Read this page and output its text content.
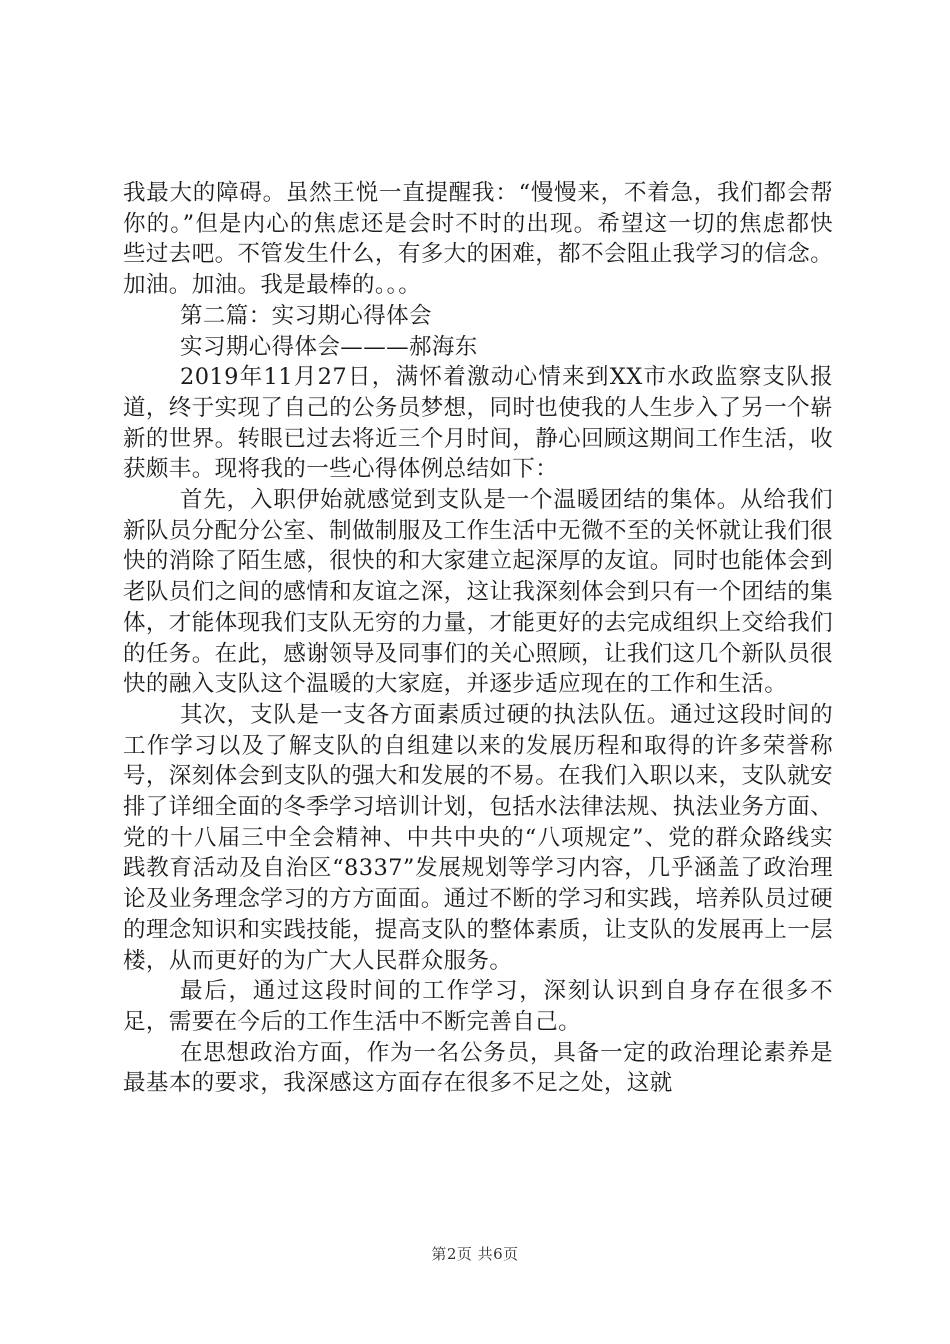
我最大的障碍。虽然王悦一直提醒我：“慢慢来，不着急，我们都会帮你的。”但是内心的焦虑还是会时不时的出现。希望这一切的焦虑都快些过去吧。不管发生什么，有多大的困难，都不会阻止我学习的信念。加油。加油。我是最棒的。。。

第二篇：实习期心得体会

实习期心得体会———郝海东

2019年11月27日，满怀着激动心情来到XX市水政监察支队报道，终于实现了自己的公务员梦想，同时也使我的人生步入了另一个崭新的世界。转眼已过去将近三个月时间，静心回顾这期间工作生活，收获颇丰。现将我的一些心得体例总结如下：

首先，入职伊始就感觉到支队是一个温暖团结的集体。从给我们新队员分配分公室、制做制服及工作生活中无微不至的关怀就让我们很快的消除了陌生感，很快的和大家建立起深厚的友谊。同时也能体会到老队员们之间的感情和友谊之深，这让我深刻体会到只有一个团结的集体，才能体现我们支队无穷的力量，才能更好的去完成组织上交给我们的任务。在此，感谢领导及同事们的关心照顾，让我们这几个新队员很快的融入支队这个温暖的大家庭，并逐步适应现在的工作和生活。

其次，支队是一支各方面素质过硬的执法队伍。通过这段时间的工作学习以及了解支队的自组建以来的发展历程和取得的许多荣誉称号，深刻体会到支队的强大和发展的不易。在我们入职以来，支队就安排了详细全面的冬季学习培训计划，包括水法律法规、执法业务方面、党的十八届三中全会精神、中共中央的“八项规定”、党的群众路线实践教育活动及自治区“8337”发展规划等学习内容，几乎涵盖了政治理论及业务理念学习的方方面面。通过不断的学习和实践，培养队员过硬的理念知识和实践技能，提高支队的整体素质，让支队的发展再上一层楼，从而更好的为广大人民群众服务。

最后，通过这段时间的工作学习，深刻认识到自身存在很多不足，需要在今后的工作生活中不断完善自己。

在思想政治方面，作为一名公务员，具备一定的政治理论素养是最基本的要求，我深感这方面存在很多不足之处，这就

第2页 共6页
